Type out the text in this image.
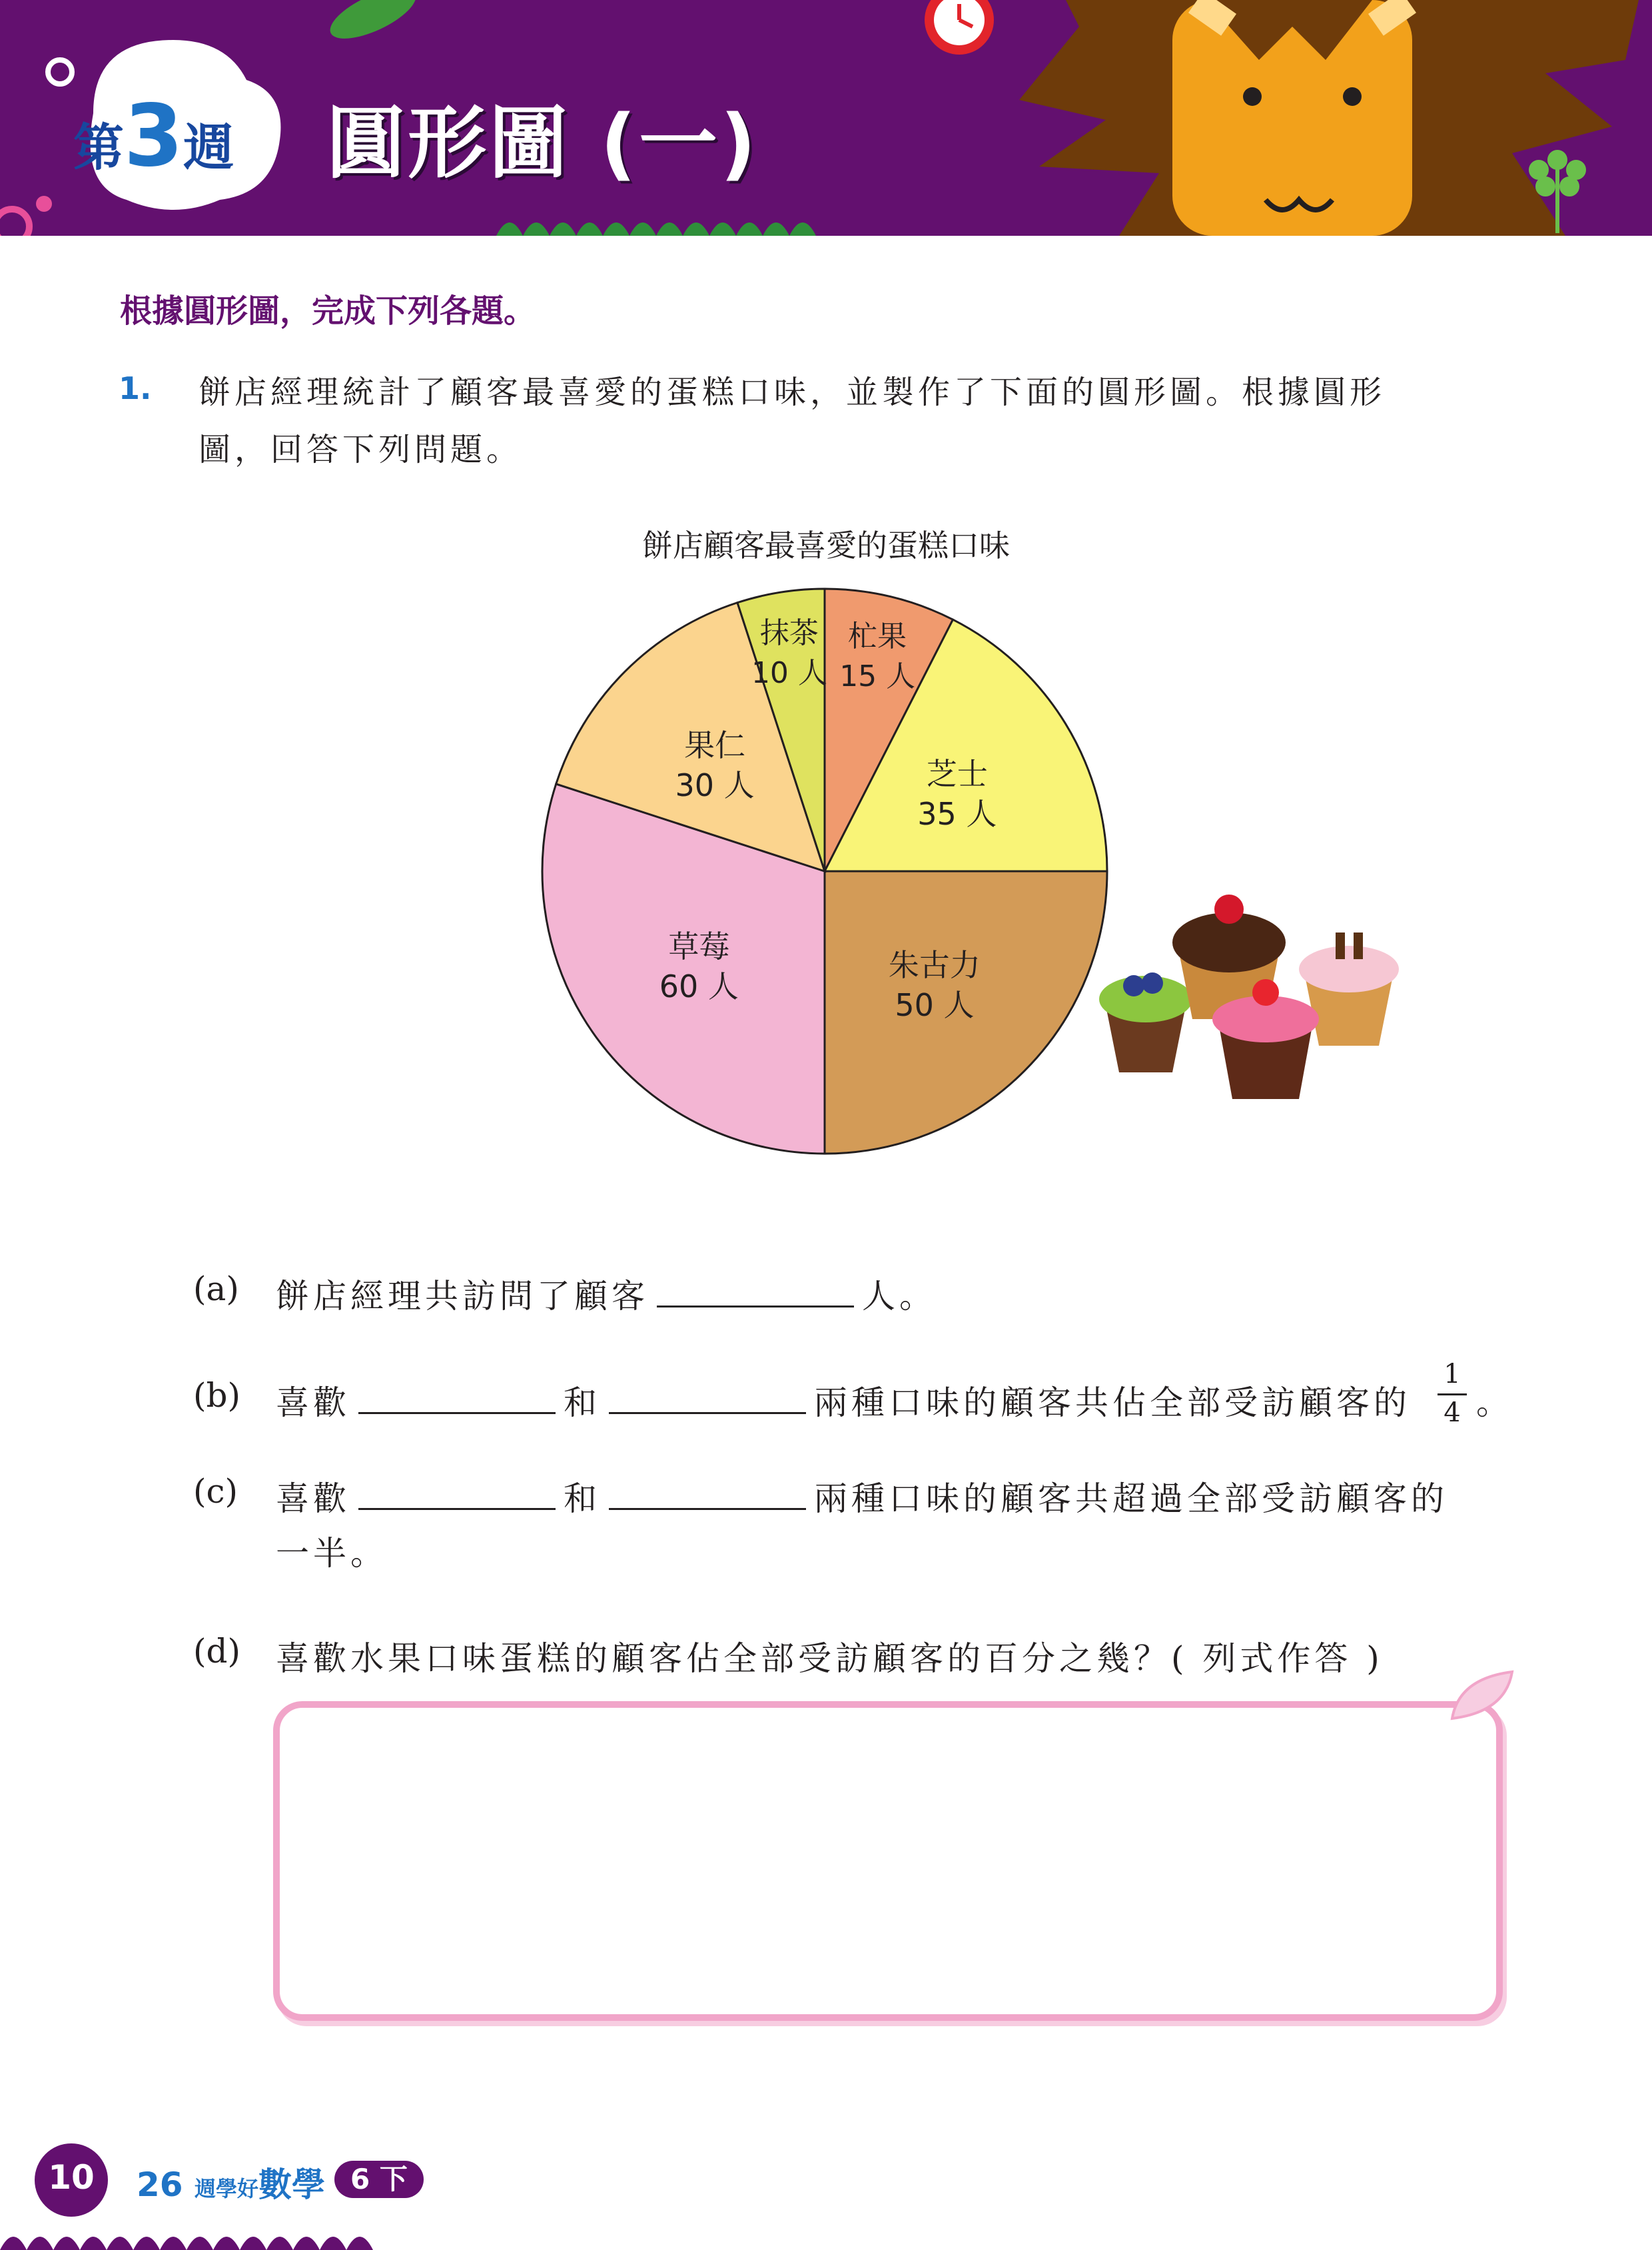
第3週 圓形圖 (一)
根據圓形圖，完成下列各題。
1. 餅店經理統計了顧客最喜愛的蛋糕口味，並製作了下面的圓形圖。根據圓形
圖，回答下列問題。
餅店顧客最喜愛的蛋糕口味
杧果
15 人
芝士
35 人
朱古力
50 人
草莓
60 人
果仁
30 人
抹茶
10 人
(a) 餅店經理共訪問了顧客	人。
(b) 喜歡	和	兩種口味的顧客共佔全部受訪顧客的
1
4 。
(c) 喜歡	和	兩種口味的顧客共超過全部受訪顧客的
一半。
(d) 喜歡水果口味蛋糕的顧客佔全部受訪顧客的百分之幾？( 列式作答 )
10	26 週學好數學 6 下
